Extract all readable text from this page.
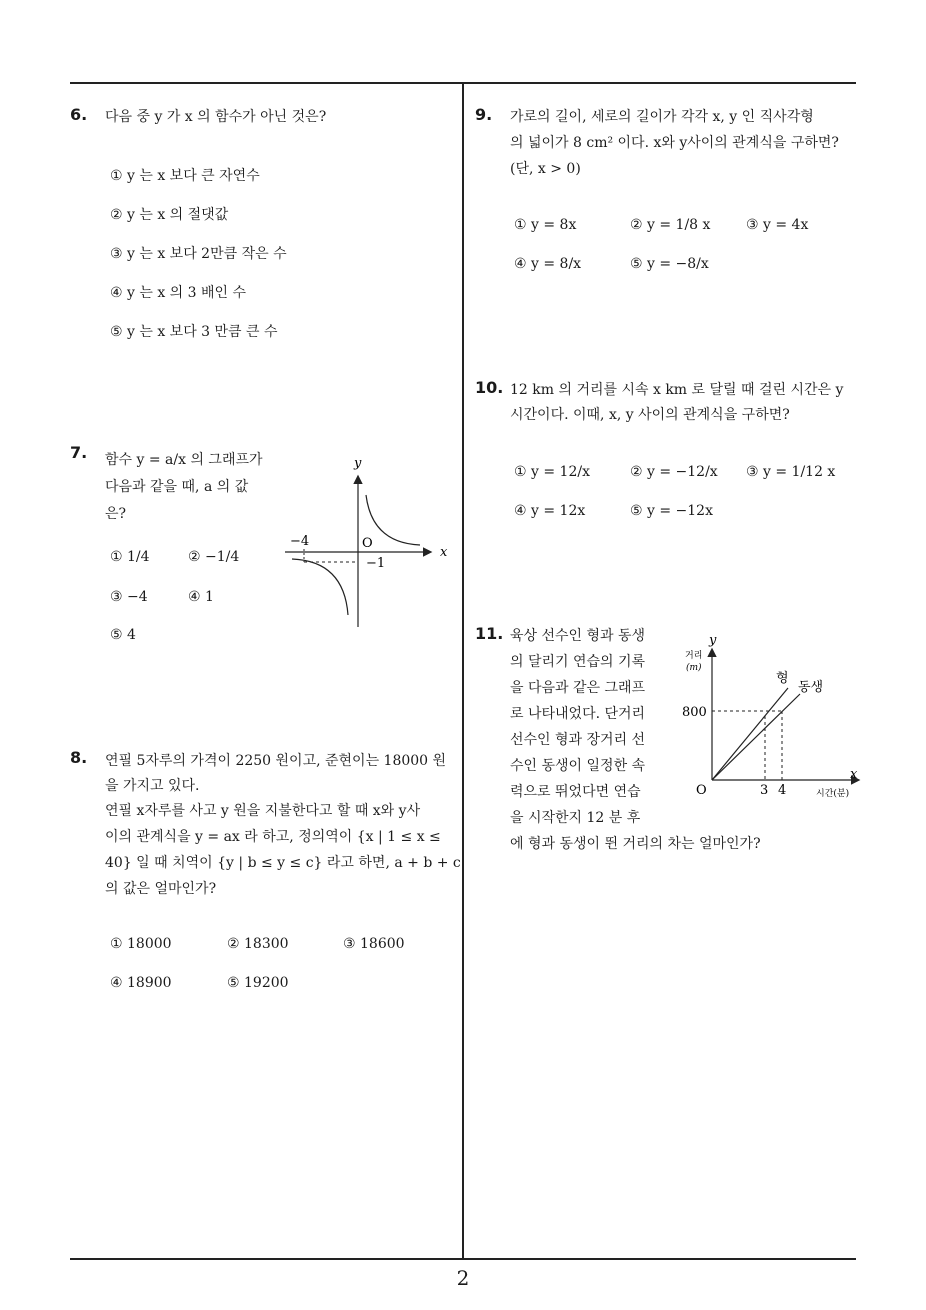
6. 다음 중 y 가 x 의 함수가 아닌 것은?
① y 는 x 보다 큰 자연수
② y 는 x 의 절댓값
③ y 는 x 보다 2만큼 작은 수
④ y 는 x 의 3 배인 수
⑤ y 는 x 보다 3 만큼 큰 수
7. 함수 y = a/x 의 그래프가
다음과 같을 때, a 의 값
은?
① 1/4	② −1/4
③ −4	④ 1
⑤ 4
y
x
O
−4
−1
8. 연필 5자루의 가격이 2250 원이고, 준현이는 18000 원
을 가지고 있다.
연필 x자루를 사고 y 원을 지불한다고 할 때 x와 y사
이의 관계식을 y = ax 라 하고, 정의역이 {x | 1 ≤ x ≤
40} 일 때 치역이 {y | b ≤ y ≤ c} 라고 하면, a + b + c
의 값은 얼마인가?
① 18000	② 18300	③ 18600
④ 18900	⑤ 19200
9. 가로의 길이, 세로의 길이가 각각 x, y 인 직사각형
의 넓이가 8 cm² 이다. x와 y사이의 관계식을 구하면?
(단, x > 0)
① y = 8x	② y = 1/8 x	③ y = 4x
④ y = 8/x	⑤ y = −8/x
10. 12 km 의 거리를 시속 x km 로 달릴 때 걸린 시간은 y
시간이다. 이때, x, y 사이의 관계식을 구하면?
① y = 12/x	② y = −12/x ③ y = 1/12 x
④ y = 12x	⑤ y = −12x
11. 육상 선수인 형과 동생
의 달리기 연습의 기록
을 다음과 같은 그래프
로 나타내었다. 단거리
선수인 형과 장거리 선
수인 동생이 일정한 속
력으로 뛰었다면 연습
을 시작한지 12 분 후
에 형과 동생이 뛴 거리의 차는 얼마인가?
y
거리
(m)
x
시간(분)
O
800
3 4
형
동생
2
